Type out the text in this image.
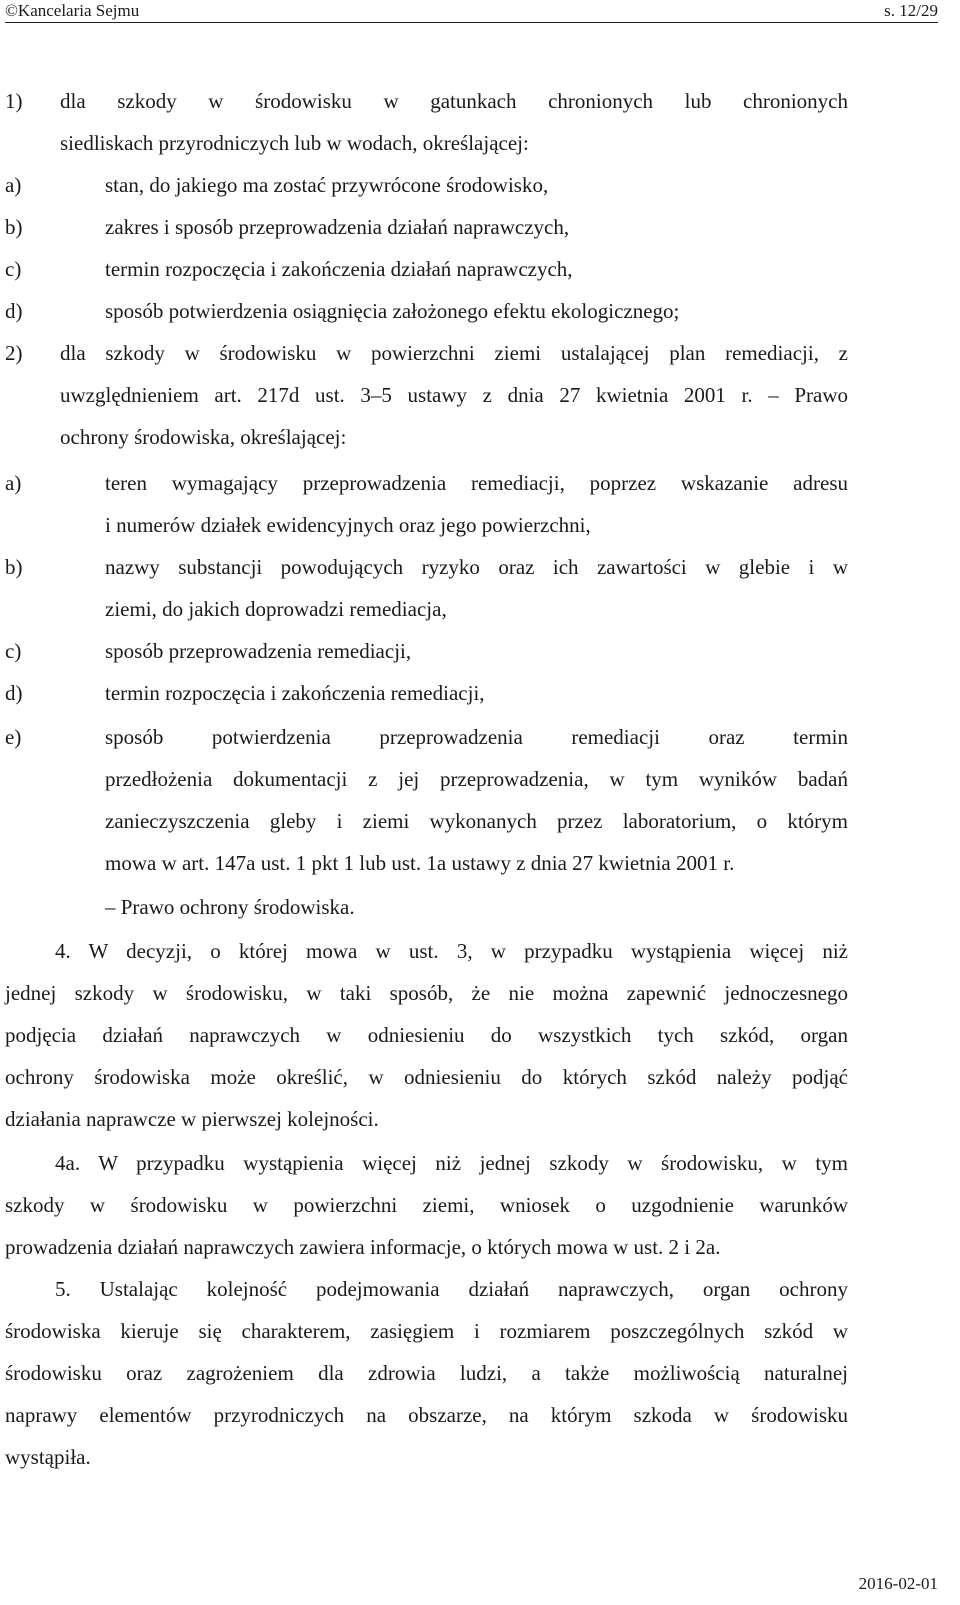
©Kancelaria Sejmu	s. 12/29
1)	dla szkody w środowisku w gatunkach chronionych lub chronionych
siedliskach przyrodniczych lub w wodach, określającej:
a)	stan, do jakiego ma zostać przywrócone środowisko,
b)	zakres i sposób przeprowadzenia działań naprawczych,
c)	termin rozpoczęcia i zakończenia działań naprawczych,
d)	sposób potwierdzenia osiągnięcia założonego efektu ekologicznego;
2)	dla szkody w środowisku w powierzchni ziemi ustalającej plan remediacji, z
uwzględnieniem art. 217d ust. 3–5 ustawy z dnia 27 kwietnia 2001 r. – Prawo
ochrony środowiska, określającej:
a)	teren wymagający przeprowadzenia remediacji, poprzez wskazanie adresu
i numerów działek ewidencyjnych oraz jego powierzchni,
b)	nazwy substancji powodujących ryzyko oraz ich zawartości w glebie i w
ziemi, do jakich doprowadzi remediacja,
c)	sposób przeprowadzenia remediacji,
d)	termin rozpoczęcia i zakończenia remediacji,
e)	sposób potwierdzenia przeprowadzenia remediacji oraz termin
przedłożenia dokumentacji z jej przeprowadzenia, w tym wyników badań
zanieczyszczenia gleby i ziemi wykonanych przez laboratorium, o którym
mowa w art. 147a ust. 1 pkt 1 lub ust. 1a ustawy z dnia 27 kwietnia 2001 r.
– Prawo ochrony środowiska.
4. W decyzji, o której mowa w ust. 3, w przypadku wystąpienia więcej niż
jednej szkody w środowisku, w taki sposób, że nie można zapewnić jednoczesnego
podjęcia działań naprawczych w odniesieniu do wszystkich tych szkód, organ
ochrony środowiska może określić, w odniesieniu do których szkód należy podjąć
działania naprawcze w pierwszej kolejności.
4a. W przypadku wystąpienia więcej niż jednej szkody w środowisku, w tym
szkody w środowisku w powierzchni ziemi, wniosek o uzgodnienie warunków
prowadzenia działań naprawczych zawiera informacje, o których mowa w ust. 2 i 2a.
5. Ustalając kolejność podejmowania działań naprawczych, organ ochrony
środowiska kieruje się charakterem, zasięgiem i rozmiarem poszczególnych szkód w
środowisku oraz zagrożeniem dla zdrowia ludzi, a także możliwością naturalnej
naprawy elementów przyrodniczych na obszarze, na którym szkoda w środowisku
wystąpiła.
2016-02-01
